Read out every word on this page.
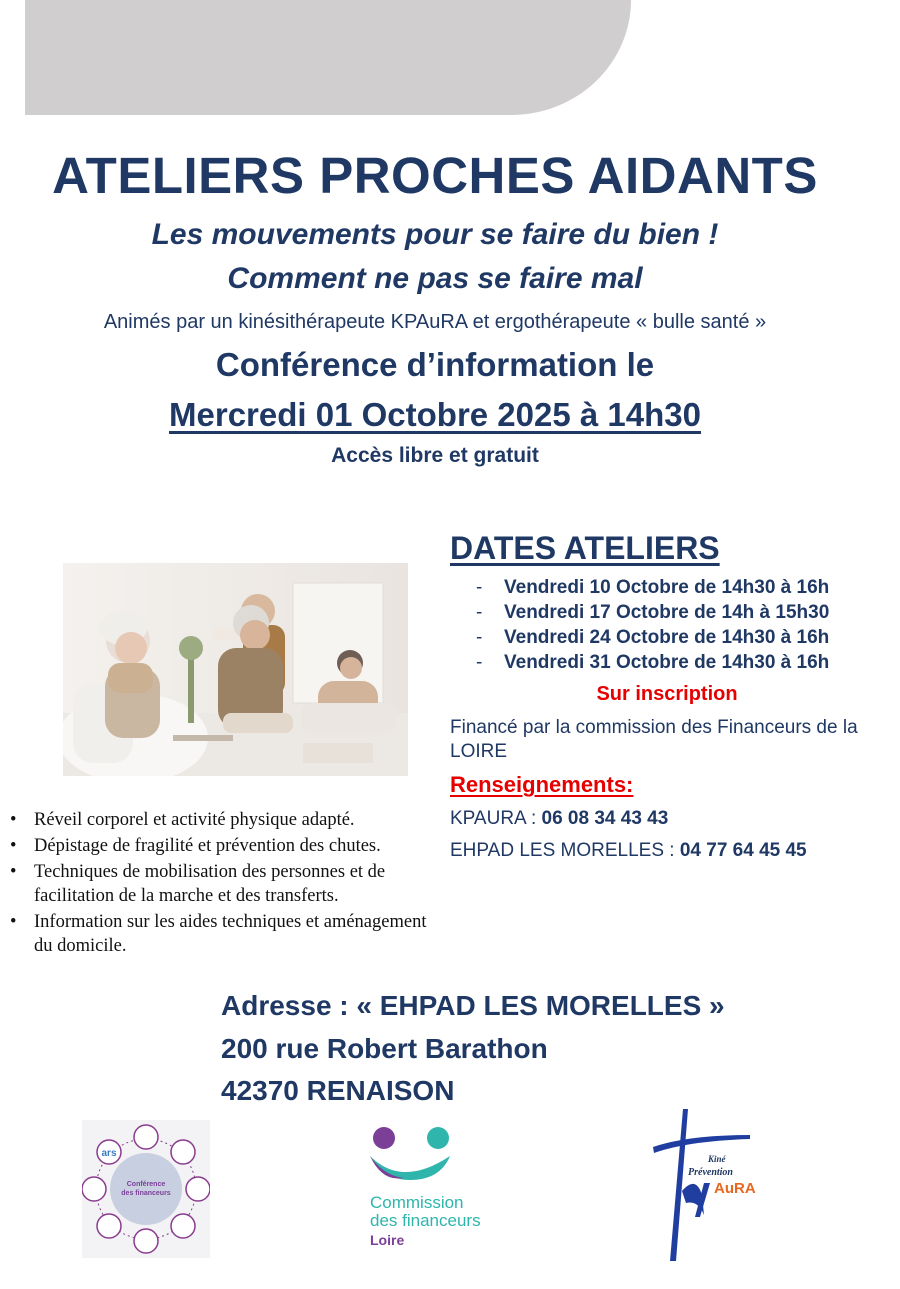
ATELIERS PROCHES AIDANTS
Les mouvements pour se faire du bien !
Comment ne pas se faire mal
Animés par un kinésithérapeute KPAuRA et ergothérapeute « bulle santé »
Conférence d’information le
Mercredi 01 Octobre 2025 à 14h30
Accès libre et gratuit
DATES ATELIERS
- Vendredi 10 Octobre de 14h30 à 16h
- Vendredi 17 Octobre de 14h à 15h30
- Vendredi 24 Octobre de 14h30 à 16h
- Vendredi 31 Octobre de 14h30 à 16h
Sur inscription
Financé par la commission des Financeurs de la LOIRE
Renseignements:
KPAURA : 06 08 34 43 43
EHPAD LES MORELLES : 04 77 64 45 45
• Réveil corporel et activité physique adapté.
• Dépistage de fragilité et prévention des chutes.
• Techniques de mobilisation des personnes et de facilitation de la marche et des transferts.
• Information sur les aides techniques et aménagement du domicile.
Adresse : « EHPAD LES MORELLES »
200 rue Robert Barathon
42370 RENAISON
ars
Conférence
des financeurs	Commission
des financeurs
Loire
Kiné
Prévention
AuRA
